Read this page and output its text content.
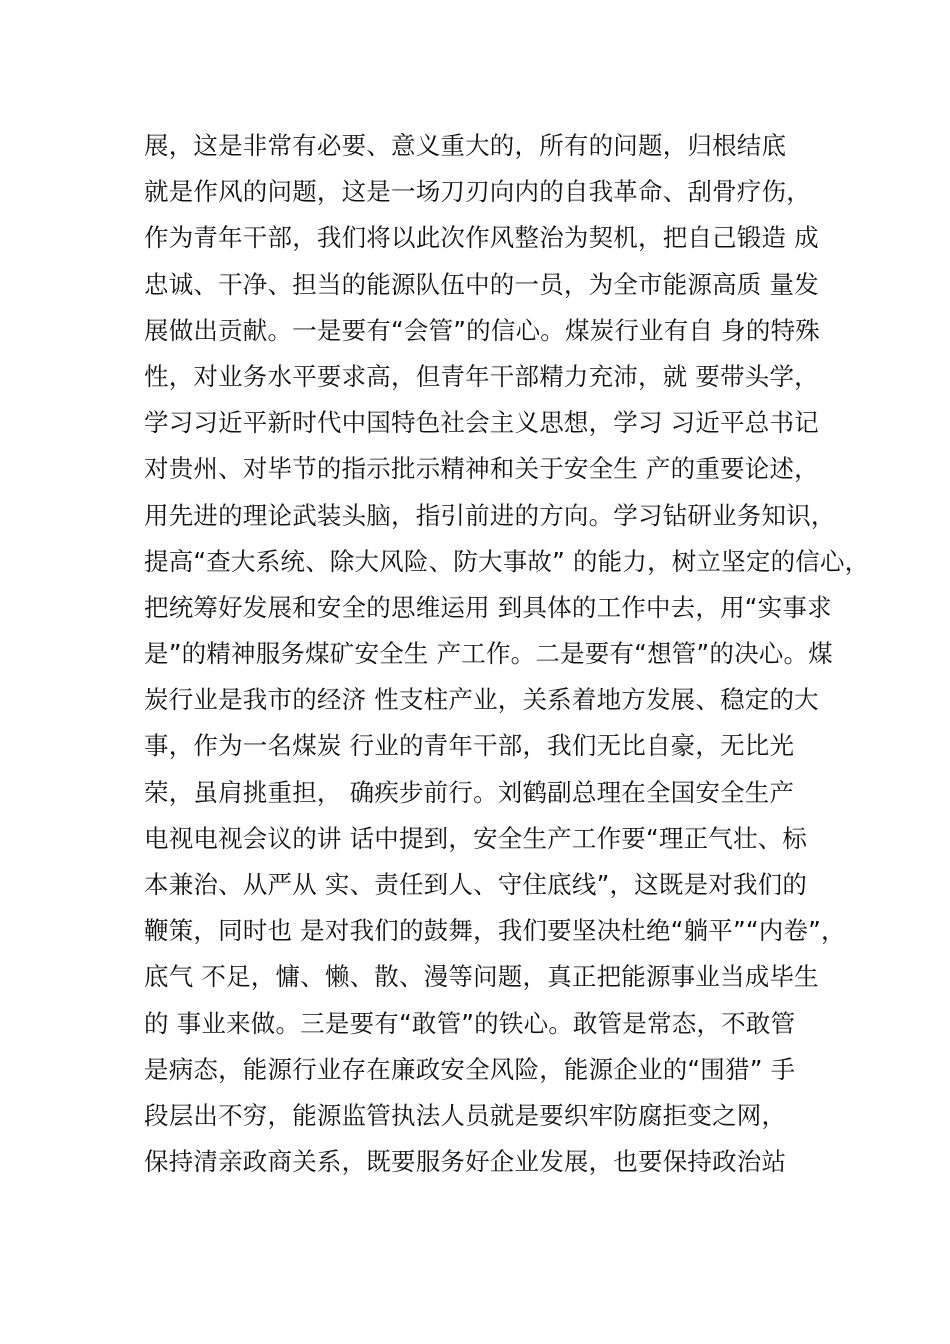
展，这是非常有必要、意义重大的，所有的问题，归根结底
就是作风的问题，这是一场刀刃向内的自我革命、刮骨疗伤，
作为青年干部，我们将以此次作风整治为契机，把自己锻造 成
忠诚、干净、担当的能源队伍中的一员，为全市能源高质 量发
展做出贡献。一是要有“会管”的信心。煤炭行业有自 身的特殊
性，对业务水平要求高，但青年干部精力充沛，就 要带头学，
学习习近平新时代中国特色社会主义思想，学习 习近平总书记
对贵州、对毕节的指示批示精神和关于安全生 产的重要论述，
用先进的理论武装头脑，指引前进的方向。学习钻研业务知识，
提高“查大系统、除大风险、防大事故” 的能力，树立坚定的信心，
把统筹好发展和安全的思维运用 到具体的工作中去，用“实事求
是”的精神服务煤矿安全生 产工作。二是要有“想管”的决心。煤
炭行业是我市的经济 性支柱产业，关系着地方发展、稳定的大
事，作为一名煤炭 行业的青年干部，我们无比自豪，无比光
荣，虽肩挑重担， 确疾步前行。刘鹤副总理在全国安全生产
电视电视会议的讲 话中提到，安全生产工作要“理正气壮、标
本兼治、从严从 实、责任到人、守住底线”，这既是对我们的
鞭策，同时也 是对我们的鼓舞，我们要坚决杜绝“躺平”“内卷”，
底气 不足，慵、懒、散、漫等问题，真正把能源事业当成毕生
的 事业来做。三是要有“敢管”的铁心。敢管是常态，不敢管
是病态，能源行业存在廉政安全风险，能源企业的“围猎” 手
段层出不穷，能源监管执法人员就是要织牢防腐拒变之网，
保持清亲政商关系，既要服务好企业发展，也要保持政治站
